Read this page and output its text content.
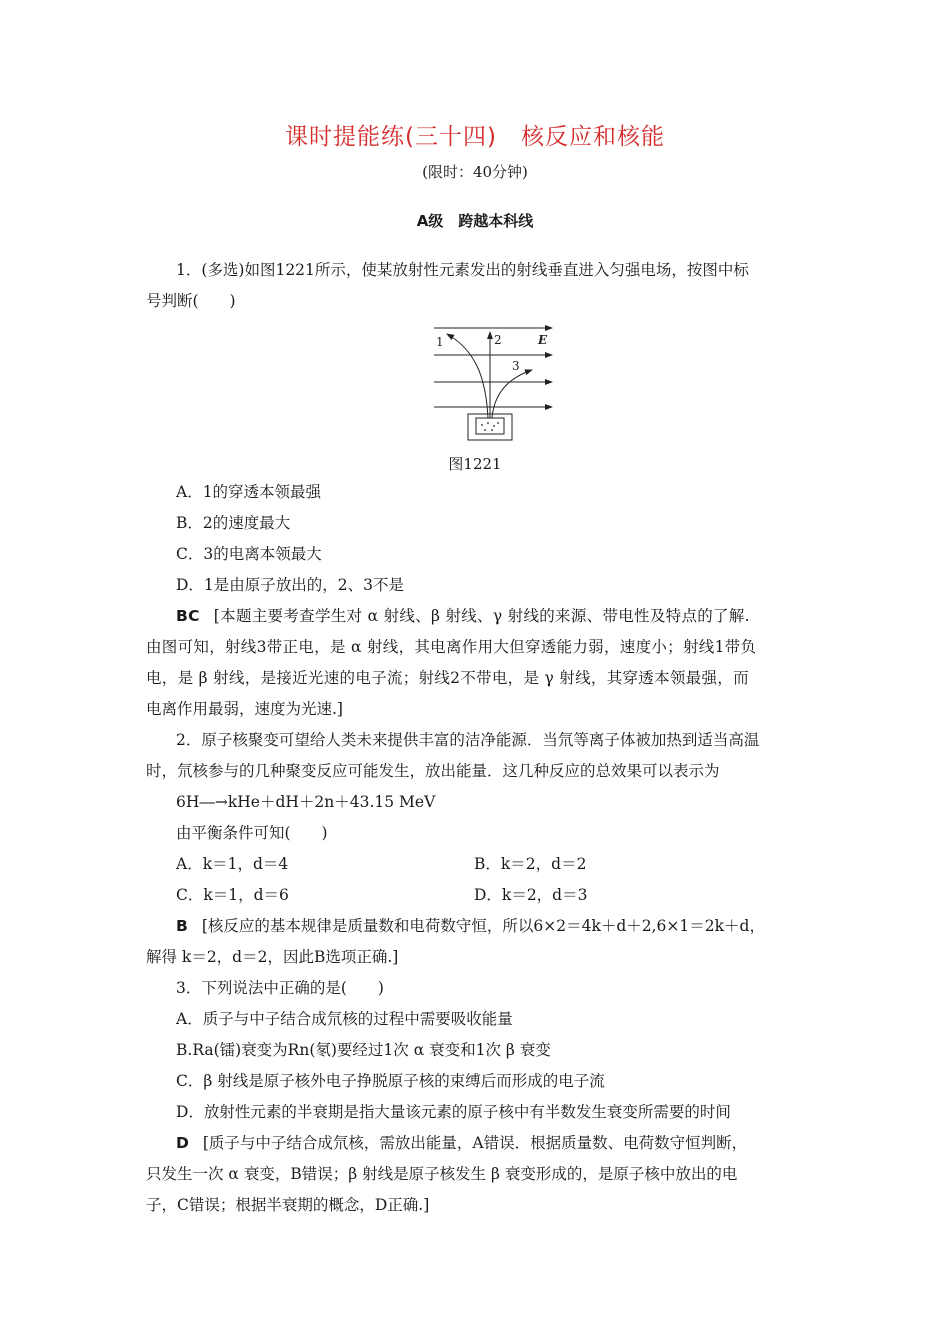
课时提能练(三十四)　核反应和核能
(限时：40分钟)
A级　跨越本科线
1．(多选)如图1221所示，使某放射性元素发出的射线垂直进入匀强电场，按图中标
号判断(　　)
1	2
3
E
图1221
A．1的穿透本领最强
B．2的速度最大
C．3的电离本领最大
D．1是由原子放出的，2、3不是
BC [本题主要考查学生对 α 射线、β 射线、γ 射线的来源、带电性及特点的了解.
由图可知，射线3带正电，是 α 射线，其电离作用大但穿透能力弱，速度小；射线1带负
电，是 β 射线，是接近光速的电子流；射线2不带电，是 γ 射线，其穿透本领最强，而
电离作用最弱，速度为光速.]
2．原子核聚变可望给人类未来提供丰富的洁净能源．当氘等离子体被加热到适当高温
时，氘核参与的几种聚变反应可能发生，放出能量．这几种反应的总效果可以表示为
6H―→kHe＋dH＋2n＋43.15 MeV
由平衡条件可知(　　)
A．k＝1，d＝4	B．k＝2，d＝2
C．k＝1，d＝6	D．k＝2，d＝3
B [核反应的基本规律是质量数和电荷数守恒，所以6×2＝4k＋d＋2,6×1＝2k＋d，
解得 k＝2，d＝2，因此B选项正确.]
3．下列说法中正确的是(　　)
A．质子与中子结合成氘核的过程中需要吸收能量
B.Ra(镭)衰变为Rn(氡)要经过1次 α 衰变和1次 β 衰变
C．β 射线是原子核外电子挣脱原子核的束缚后而形成的电子流
D．放射性元素的半衰期是指大量该元素的原子核中有半数发生衰变所需要的时间
D [质子与中子结合成氘核，需放出能量，A错误．根据质量数、电荷数守恒判断，
只发生一次 α 衰变，B错误；β 射线是原子核发生 β 衰变形成的，是原子核中放出的电
子，C错误；根据半衰期的概念，D正确.]
